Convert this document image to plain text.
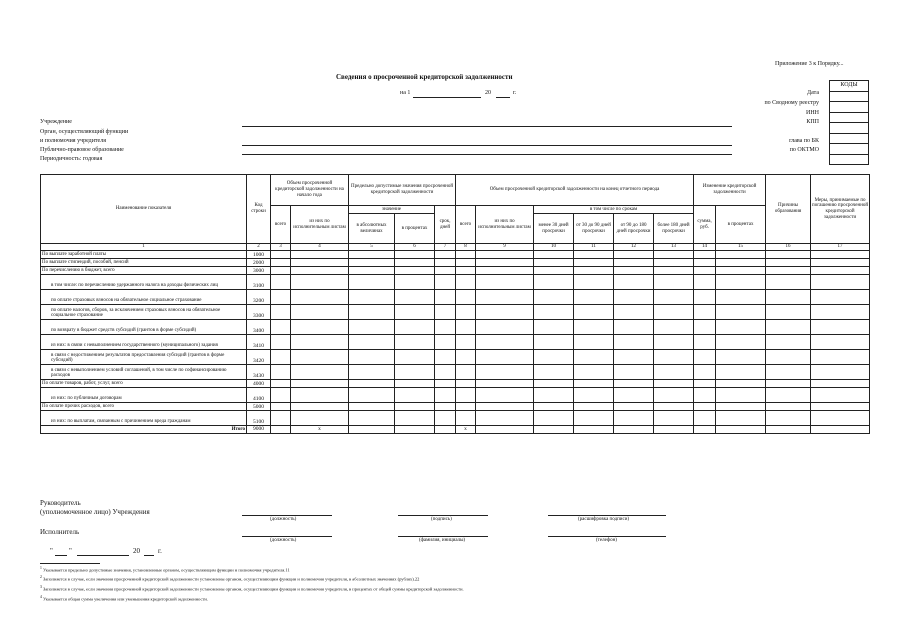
Приложение 3 к Порядку...
Сведения о просроченной кредиторской задолженности
на 1	20	г.
КОДЫ
Дата
по Сводному реестру
ИНН
КПП
глава по БК
по ОКТМО
Учреждение
Орган, осуществляющий функции
и полномочия учредителя
Публично-правовое образование
Периодичность: годовая
Наименование показателя	Код строки	Объем просроченной кредиторской задолженности на начало года		Предельно допустимые значения просроченной кредиторской задолженности			Объем просроченной кредиторской задолженности на конец отчетного периода						Изменение кредиторской задолженности		Причины образования	Меры, принимаемые по погашению просроченной кредиторской задолженности
		всего	из них по исполнительным листам	значение		срок, дней	всего	из них по исполнительным листам	в том числе по срокам				сумма, руб.	в процентах		
				в абсолютных величинах	в процентах				менее 30 дней просрочки	от 30 до 90 дней просрочки	от 90 до 180 дней просрочки	более 180 дней просрочки				
1	2	3	4	5	6	7	8	9	10	11	12	13	14	15	16	17
По выплате заработной платы	1000															
По выплате стипендий, пособий, пенсий	2000															
По перечислению в бюджет, всего	3000															
в том числе: по перечислению удержанного налога на доходы физических лиц	3100															
по оплате страховых взносов на обязательное социальное страхование	3200															
по оплате налогов, сборов, за исключением страховых взносов на обязательное социальное страхование	3300															
по возврату в бюджет средств субсидий (грантов в форме субсидий)	3400															
из них: в связи с невыполнением государственного (муниципального) задания	3410															
в связи с недостижением результатов предоставления субсидий (грантов в форме субсидий)	3420															
в связи с невыполнением условий соглашений, в том числе по софинансированию расходов	3430															
По оплате товаров, работ, услуг, всего	4000															
из них: по публичным договорам	4100															
По оплате прочих расходов, всего	5000															
из них: по выплатам, связанным с причинением вреда гражданам	5100															
Итого	9000		x				x									
Руководитель
(уполномоченное лицо) Учреждения
(должность)	(подпись)	(расшифровка подписи)
Исполнитель
(должность)	(фамилия, инициалы)	(телефон)
" "	20	г.
$^1$ Указывается предельно допустимые значения, установленные органом, осуществляющим функции и полномочия учредителя.11
$^2$ Заполняется в случае, если значения просроченной кредиторской задолженности установлены органом, осуществляющим функции и полномочия учредителя, в абсолютных значениях (рублях).22
$^3$ Заполняется в случае, если значения просроченной кредиторской задолженности установлены органом, осуществляющим функции и полномочия учредителя, в процентах от общей суммы кредиторской задолженности.
$^4$ Указывается общая сумма увеличения или уменьшения кредиторской задолженности.
